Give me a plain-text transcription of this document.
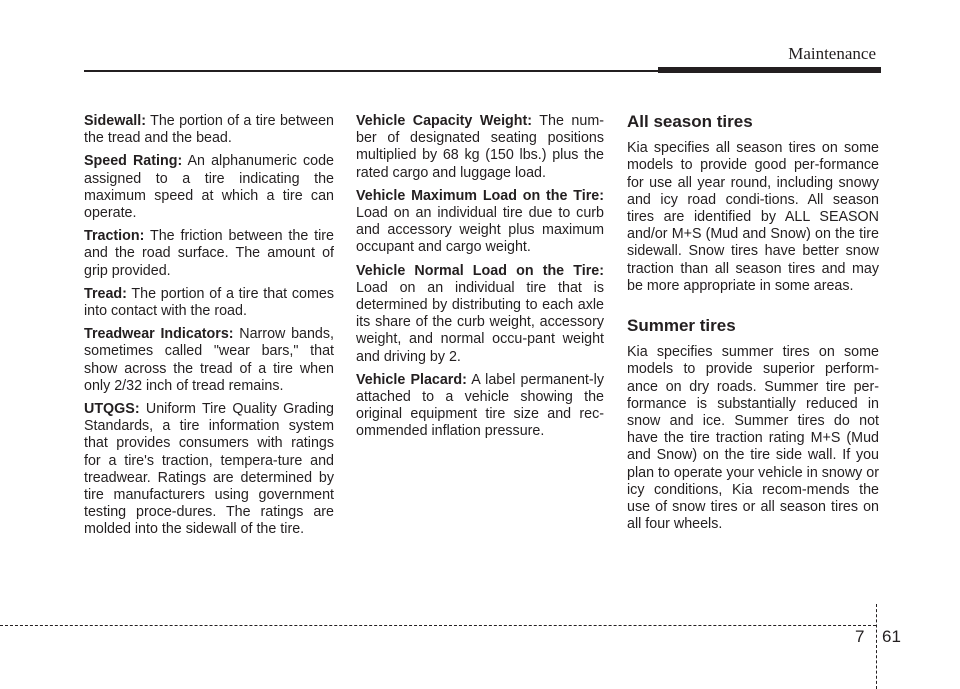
Maintenance

Sidewall: The portion of a tire between the tread and the bead.

Speed Rating: An alphanumeric code assigned to a tire indicating the maximum speed at which a tire can operate.

Traction: The friction between the tire and the road surface. The amount of grip provided.

Tread: The portion of a tire that comes into contact with the road.

Treadwear Indicators: Narrow bands, sometimes called "wear bars," that show across the tread of a tire when only 2/32 inch of tread remains.

UTQGS: Uniform Tire Quality Grading Standards, a tire information system that provides consumers with ratings for a tire's traction, tempera-ture and treadwear. Ratings are determined by tire manufacturers using government testing proce-dures. The ratings are molded into the sidewall of the tire.

Vehicle Capacity Weight: The num-ber of designated seating positions multiplied by 68 kg (150 lbs.) plus the rated cargo and luggage load.

Vehicle Maximum Load on the Tire: Load on an individual tire due to curb and accessory weight plus maximum occupant and cargo weight.

Vehicle Normal Load on the Tire: Load on an individual tire that is determined by distributing to each axle its share of the curb weight, accessory weight, and normal occu-pant weight and driving by 2.

Vehicle Placard: A label permanent-ly attached to a vehicle showing the original equipment tire size and rec-ommended inflation pressure.

All season tires

Kia specifies all season tires on some models to provide good per-formance for use all year round, including snowy and icy road condi-tions. All season tires are identified by ALL SEASON and/or M+S (Mud and Snow) on the tire sidewall. Snow tires have better snow traction than all season tires and may be more appropriate in some areas.

Summer tires

Kia specifies summer tires on some models to provide superior perform-ance on dry roads. Summer tire per-formance is substantially reduced in snow and ice. Summer tires do not have the tire traction rating M+S (Mud and Snow) on the tire side wall. If you plan to operate your vehicle in snowy or icy conditions, Kia recom-mends the use of snow tires or all season tires on all four wheels.

7 61
